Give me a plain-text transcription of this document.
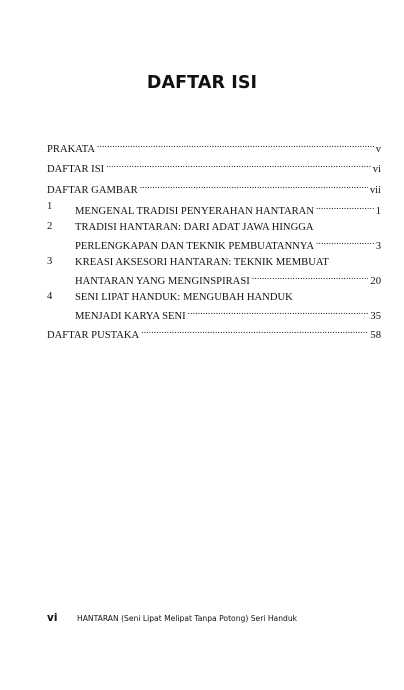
DAFTAR ISI
PRAKATA .....	v
DAFTAR ISI .....	vi
DAFTAR GAMBAR .....	vii
1 MENGENAL TRADISI PENYERAHAN HANTARAN .....	1
2 TRADISI HANTARAN: DARI ADAT JAWA HINGGA
PERLENGKAPAN DAN TEKNIK PEMBUATANNYA .....	3
3 KREASI AKSESORI HANTARAN: TEKNIK MEMBUAT
HANTARAN YANG MENGINSPIRASI .....	20
4 SENI LIPAT HANDUK: MENGUBAH HANDUK
MENJADI KARYA SENI .....	35
DAFTAR PUSTAKA .....	58
vi	HANTARAN (Seni Lipat Melipat Tanpa Potong) Seri Handuk
